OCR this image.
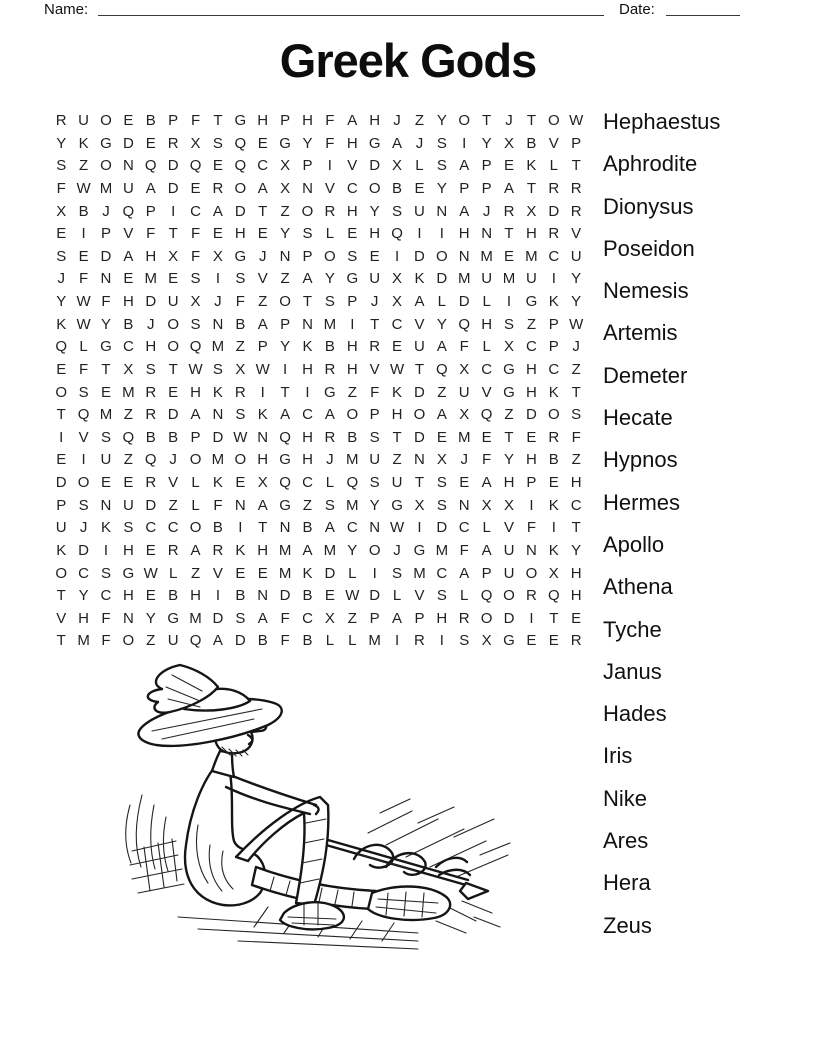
Name:	Date:
Greek Gods
R U O E B P F T G H P H F A H J Z Y O T J T O W
Y K G D E R X S Q E G Y F H G A J S	I	Y X B V P
S Z O N Q D Q E Q C X P	I	V D X L S A P E K L T
F W M U A D E R O A X N V C O B E Y P P A T R R
X B J Q P	I C A D T Z O R H Y S U N A J R X D R
E	I	P V F T F E H E Y S L E H Q I	I H N T H R V
S E D A H X F X G J N P O S E	I D O N M E M C U
J F N E M E S	I	S V Z A Y G U X K D M U M U I	Y
Y W F H D U X J F Z O T S P J X A L D L	I G K Y
K W Y B J O S N B A P N M I	T C V Y Q H S Z P W
Q L G C H O Q M Z P Y K B H R E U A F L X C P J
E F T X S T W S X W I H R H V W T Q X C G H C Z
O S E M R E H K R I	T	I G Z F K D Z U V G H K T
T Q M Z R D A N S K A C A O P H O A X Q Z D O S
I	V S Q B B P D W N Q H R B S T D E M E T E R F
E	I U Z Q J O M O H G H J M U Z N X J F Y H B Z
D O E E R V L K E X Q C L Q S U T S E A H P E H
P S N U D Z L F N A G Z S M Y G X S N X X	I	K C
U J K S C C O B	I	T N B A C N W I D C L V F	I	T
K D I H E R A R K H M A M Y O J G M F A U N K Y
O C S G W L Z V E E M K D L	I	S M C A P U O X H
T Y C H E B H I	B N D B E W D L V S L Q O R Q H
V H F N Y G M D S A F C X Z P A P H R O D I	T E
T M F O Z U Q A D B F B L L M I R I	S X G E E R
Hephaestus
Aphrodite
Dionysus
Poseidon
Nemesis
Artemis
Demeter
Hecate
Hypnos
Hermes
Apollo
Athena
Tyche
Janus
Hades
Iris
Nike
Ares
Hera
Zeus
